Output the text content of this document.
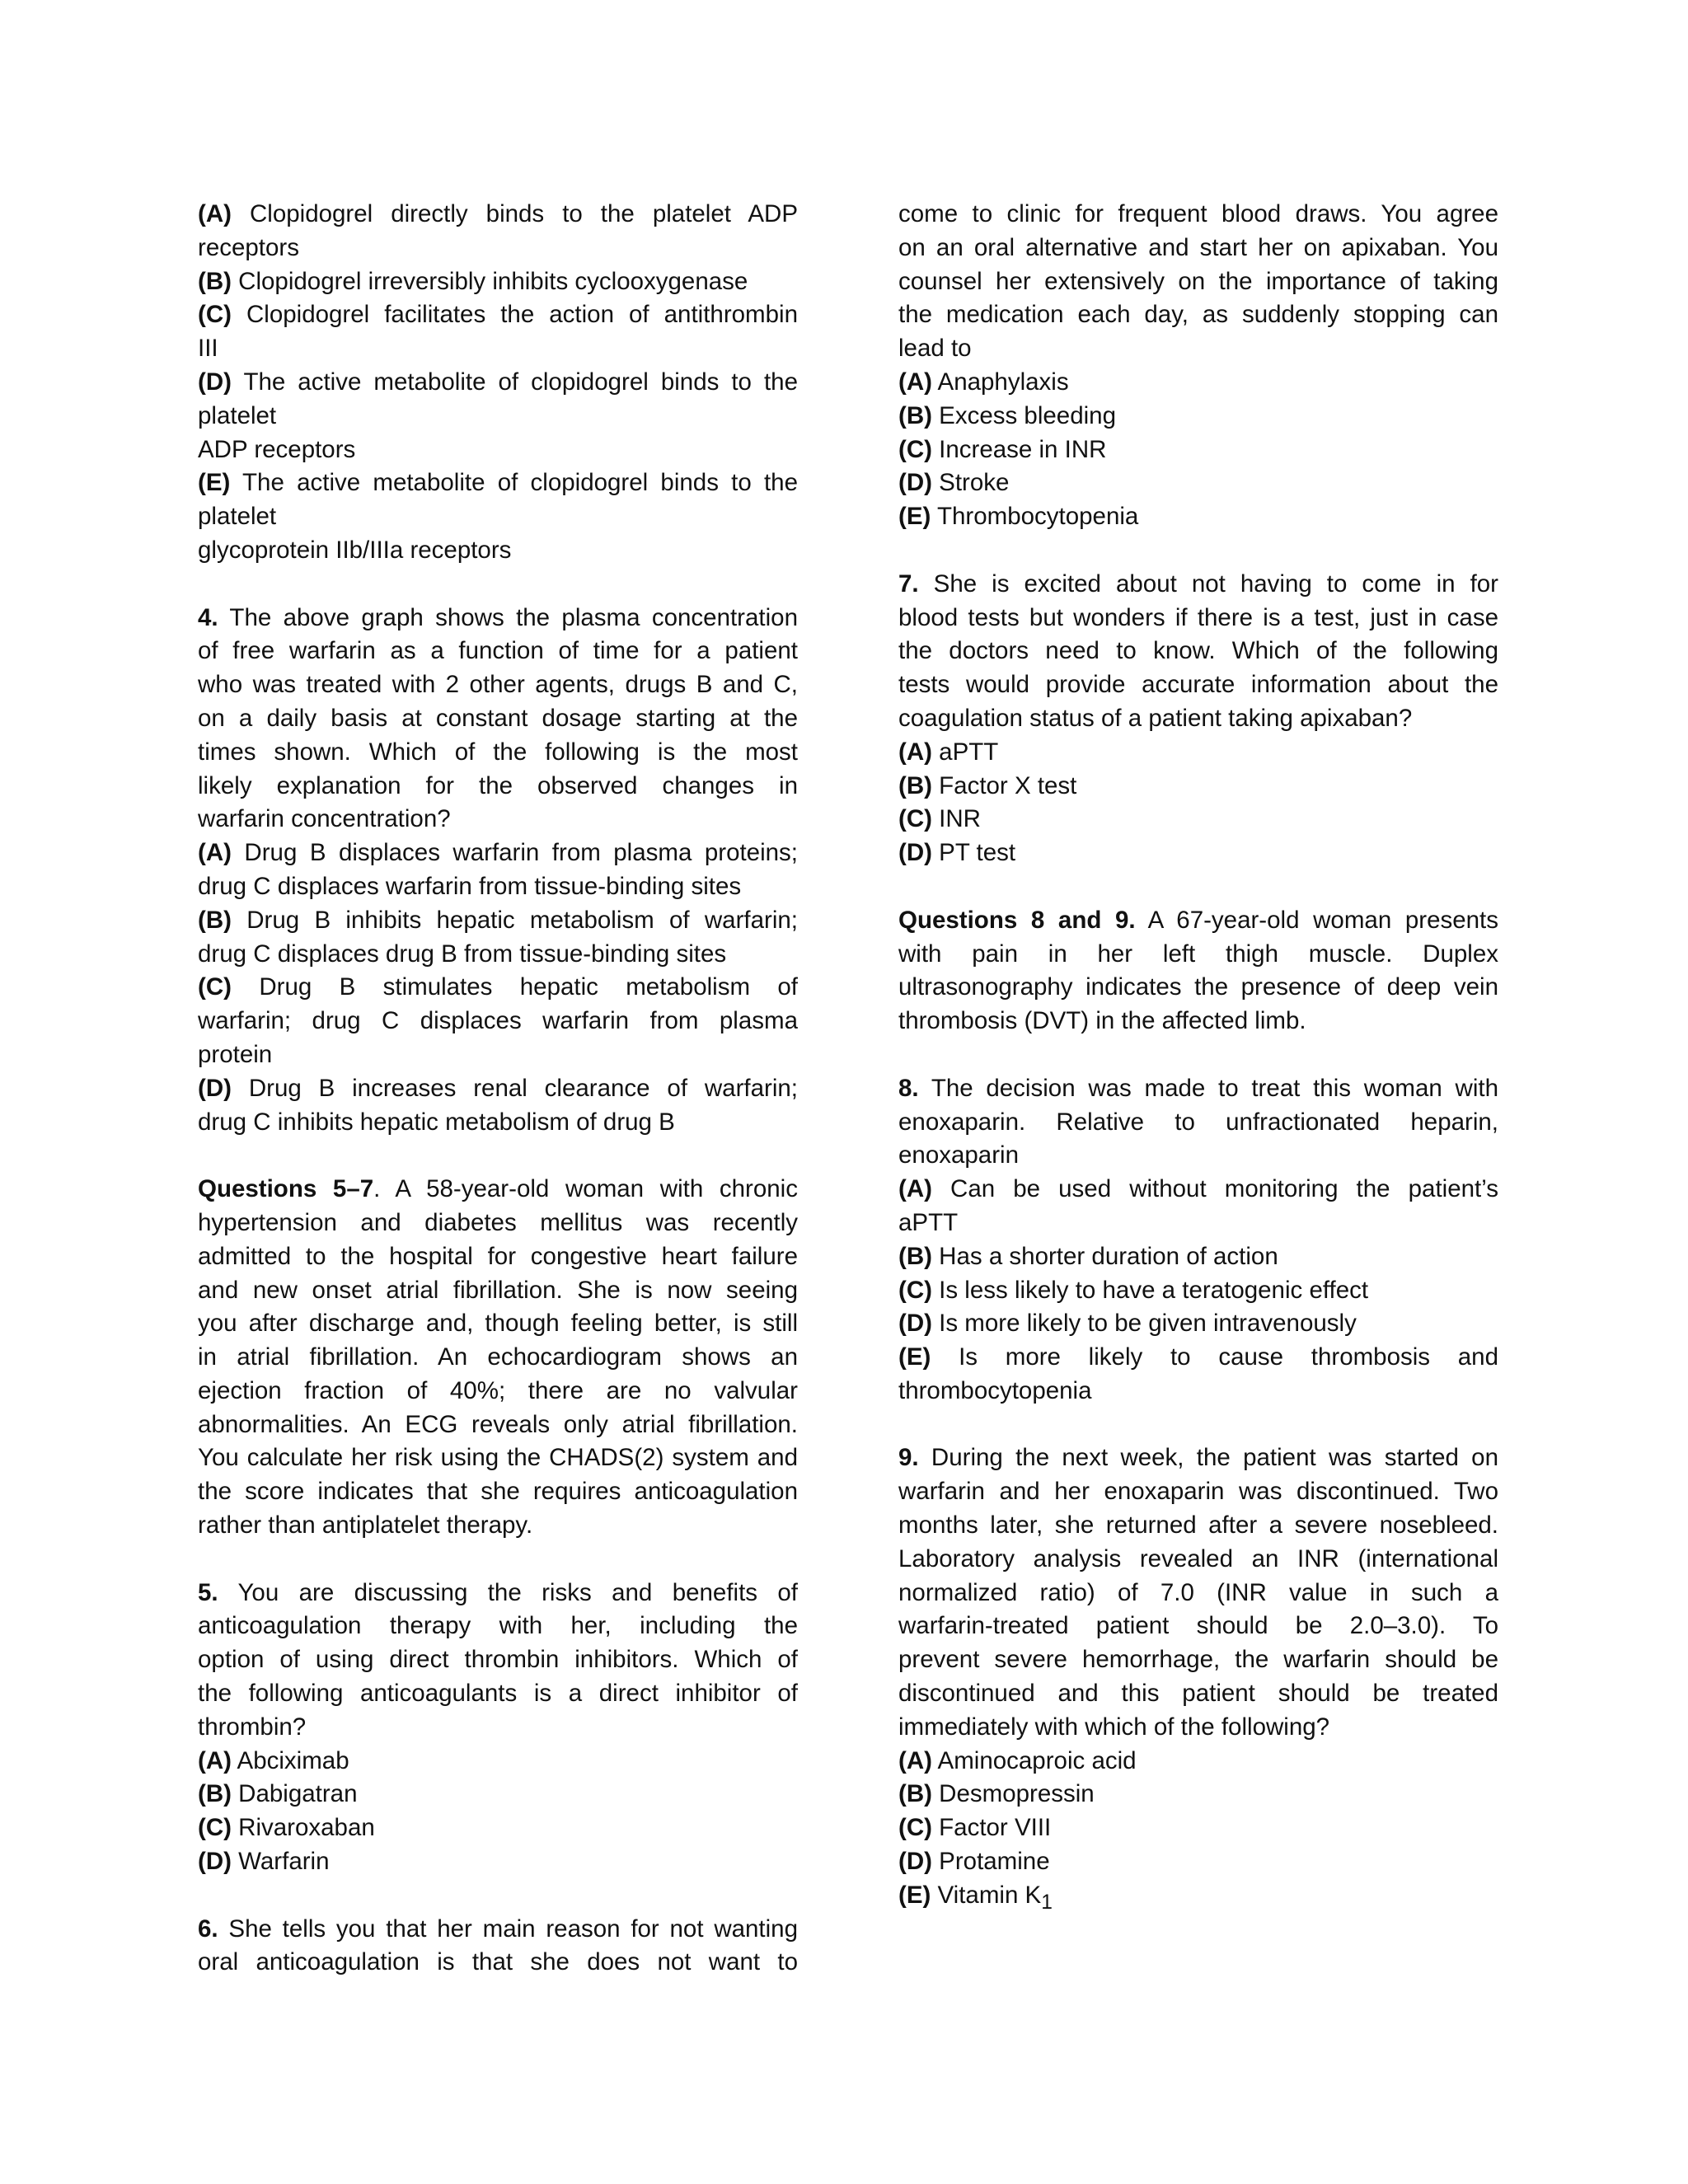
(A) Clopidogrel directly binds to the platelet ADP
receptors
(B) Clopidogrel irreversibly inhibits cyclooxygenase
(C) Clopidogrel facilitates the action of antithrombin
III
(D) The active metabolite of clopidogrel binds to the
platelet
ADP receptors
(E) The active metabolite of clopidogrel binds to the
platelet
glycoprotein IIb/IIIa receptors
4. The above graph shows the plasma concentration
of free warfarin as a function of time for a patient
who was treated with 2 other agents, drugs B and C,
on a daily basis at constant dosage starting at the
times shown. Which of the following is the most
likely explanation for the observed changes in
warfarin concentration?
(A) Drug B displaces warfarin from plasma proteins;
drug C displaces warfarin from tissue-binding sites
(B) Drug B inhibits hepatic metabolism of warfarin;
drug C displaces drug B from tissue-binding sites
(C) Drug B stimulates hepatic metabolism of
warfarin; drug C displaces warfarin from plasma
protein
(D) Drug B increases renal clearance of warfarin;
drug C inhibits hepatic metabolism of drug B
Questions 5–7. A 58-year-old woman with chronic
hypertension and diabetes mellitus was recently
admitted to the hospital for congestive heart failure
and new onset atrial fibrillation. She is now seeing
you after discharge and, though feeling better, is still
in atrial fibrillation. An echocardiogram shows an
ejection fraction of 40%; there are no valvular
abnormalities. An ECG reveals only atrial fibrillation.
You calculate her risk using the CHADS(2) system and
the score indicates that she requires anticoagulation
rather than antiplatelet therapy.
5. You are discussing the risks and benefits of
anticoagulation therapy with her, including the
option of using direct thrombin inhibitors. Which of
the following anticoagulants is a direct inhibitor of
thrombin?
(A) Abciximab
(B) Dabigatran
(C) Rivaroxaban
(D) Warfarin
6. She tells you that her main reason for not wanting
oral anticoagulation is that she does not want to
come to clinic for frequent blood draws. You agree
on an oral alternative and start her on apixaban. You
counsel her extensively on the importance of taking
the medication each day, as suddenly stopping can
lead to
(A) Anaphylaxis
(B) Excess bleeding
(C) Increase in INR
(D) Stroke
(E) Thrombocytopenia
7. She is excited about not having to come in for
blood tests but wonders if there is a test, just in case
the doctors need to know. Which of the following
tests would provide accurate information about the
coagulation status of a patient taking apixaban?
(A) aPTT
(B) Factor X test
(C) INR
(D) PT test
Questions 8 and 9. A 67-year-old woman presents
with pain in her left thigh muscle. Duplex
ultrasonography indicates the presence of deep vein
thrombosis (DVT) in the affected limb.
8. The decision was made to treat this woman with
enoxaparin. Relative to unfractionated heparin,
enoxaparin
(A) Can be used without monitoring the patient’s
aPTT
(B) Has a shorter duration of action
(C) Is less likely to have a teratogenic effect
(D) Is more likely to be given intravenously
(E) Is more likely to cause thrombosis and
thrombocytopenia
9. During the next week, the patient was started on
warfarin and her enoxaparin was discontinued. Two
months later, she returned after a severe nosebleed.
Laboratory analysis revealed an INR (international
normalized ratio) of 7.0 (INR value in such a
warfarin-treated patient should be 2.0–3.0). To
prevent severe hemorrhage, the warfarin should be
discontinued and this patient should be treated
immediately with which of the following?
(A) Aminocaproic acid
(B) Desmopressin
(C) Factor VIII
(D) Protamine
(E) Vitamin $K_1$
